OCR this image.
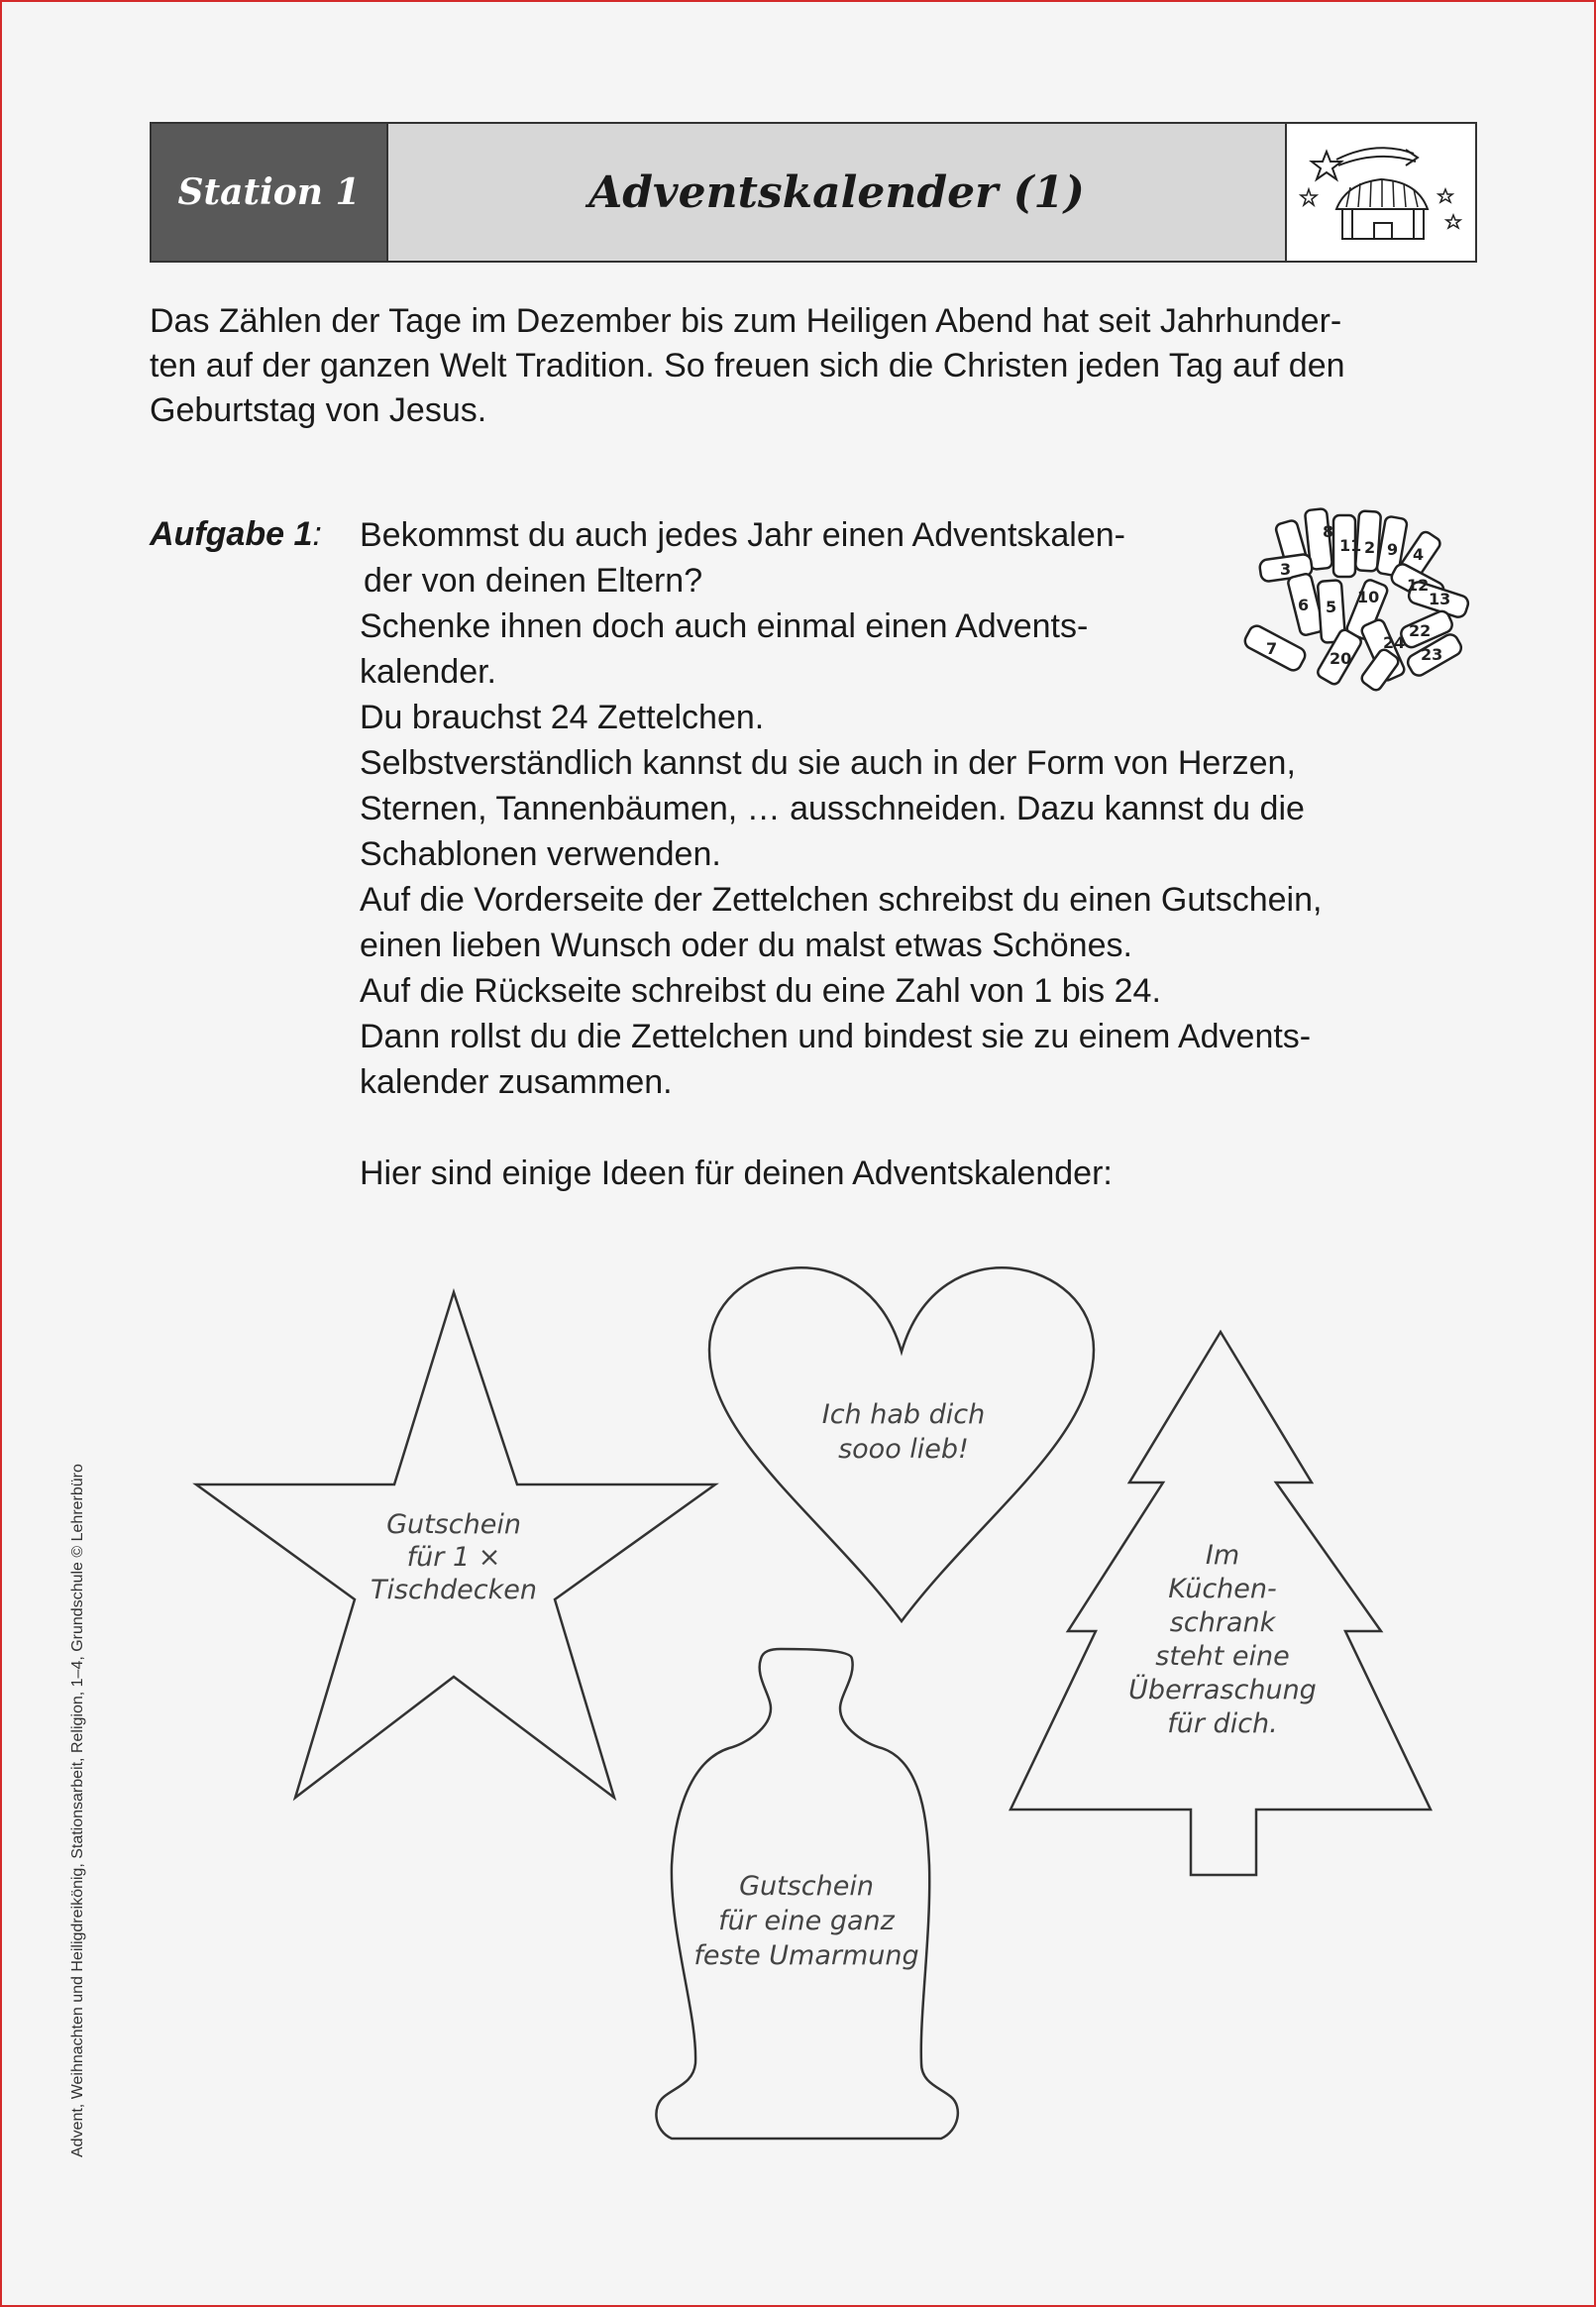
Station 1	Adventskalender (1)
Das Zählen der Tage im Dezember bis zum Heiligen Abend hat seit Jahrhunder-
ten auf der ganzen Welt Tradition. So freuen sich die Christen jeden Tag auf den
Geburtstag von Jesus.
Aufgabe 1: Bekommst du auch jedes Jahr einen Adventskalen-
der von deinen Eltern?
Schenke ihnen doch auch einmal einen Advents-
kalender.
Du brauchst 24 Zettelchen.
Selbstverständlich kannst du sie auch in der Form von Herzen,
Sternen, Tannenbäumen, … ausschneiden. Dazu kannst du die
Schablonen verwenden.
Auf die Vorderseite der Zettelchen schreibst du einen Gutschein,
einen lieben Wunsch oder du malst etwas Schönes.
Auf die Rückseite schreibst du eine Zahl von 1 bis 24.
Dann rollst du die Zettelchen und bindest sie zu einem Advents-
kalender zusammen.
Hier sind einige Ideen für deinen Adventskalender:
8
11 2 9 4
3
6 5
10	13
12
22
7
20
24
23
Gutschein
für 1 ×
Tischdecken
Ich hab dich
sooo lieb!
Im
Küchen-
schrank
steht eine
Überraschung
für dich.
Gutschein
für eine ganz
feste Umarmung
Advent, Weihnachten und Heiligdreikönig, Stationsarbeit, Religion, 1–4, Grundschule © Lehrerbüro
